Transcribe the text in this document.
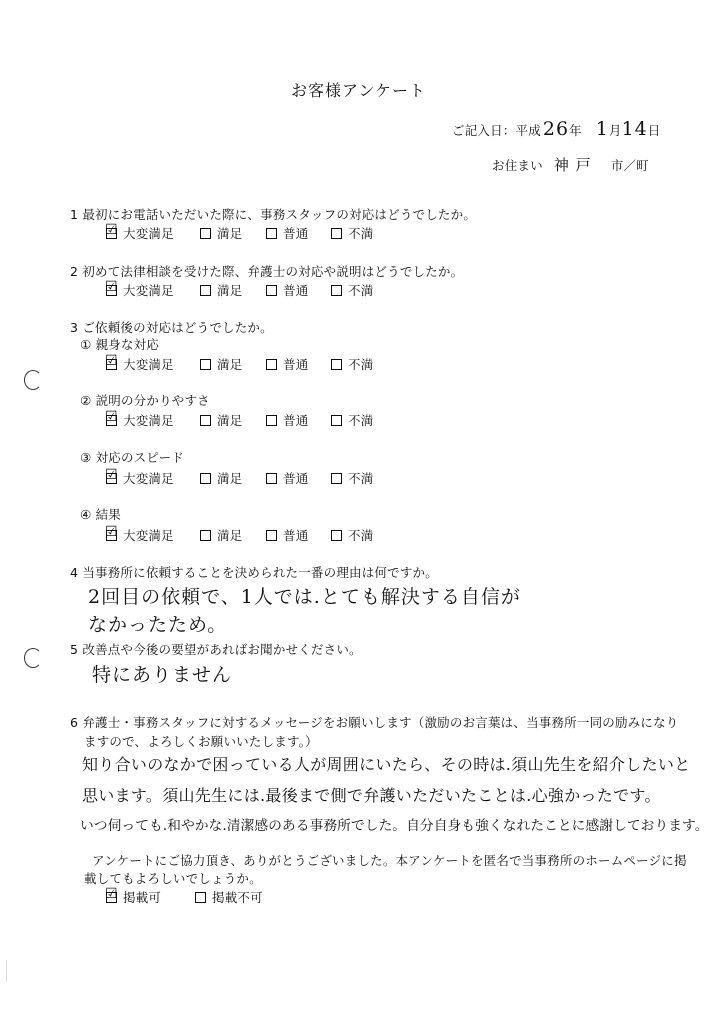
お客様アンケート
ご記入日：平成 26年 1月14日
お住まい 神 戸 市／町
1 最初にお電話いただいた際に、事務スタッフの対応はどうでしたか。
☑ 大変満足	満足	普通	不満
2 初めて法律相談を受けた際、弁護士の対応や説明はどうでしたか。
☑ 大変満足	満足	普通	不満
3 ご依頼後の対応はどうでしたか。
① 親身な対応
☑ 大変満足	満足	普通	不満
② 説明の分かりやすさ
☑ 大変満足	満足	普通	不満
③ 対応のスピード
☑ 大変満足	満足	普通	不満
④ 結果
☑ 大変満足	満足	普通	不満
4 当事務所に依頼することを決められた一番の理由は何ですか。
2回目の依頼で、1人では.とても解決する自信が
なかったため。
5 改善点や今後の要望があればお聞かせください。
特にありません
6 弁護士・事務スタッフに対するメッセージをお願いします（激励のお言葉は、当事務所一同の励みになり
ますので、よろしくお願いいたします。）
知り合いのなかで困っている人が周囲にいたら、その時は.須山先生を紹介したいと
思います。須山先生には.最後まで側で弁護いただいたことは.心強かったです。
いつ伺っても.和やかな.清潔感のある事務所でした。自分自身も強くなれたことに感謝しております。
アンケートにご協力頂き、ありがとうございました。本アンケートを匿名で当事務所のホームページに掲
載してもよろしいでしょうか。
☑ 掲載可	掲載不可
